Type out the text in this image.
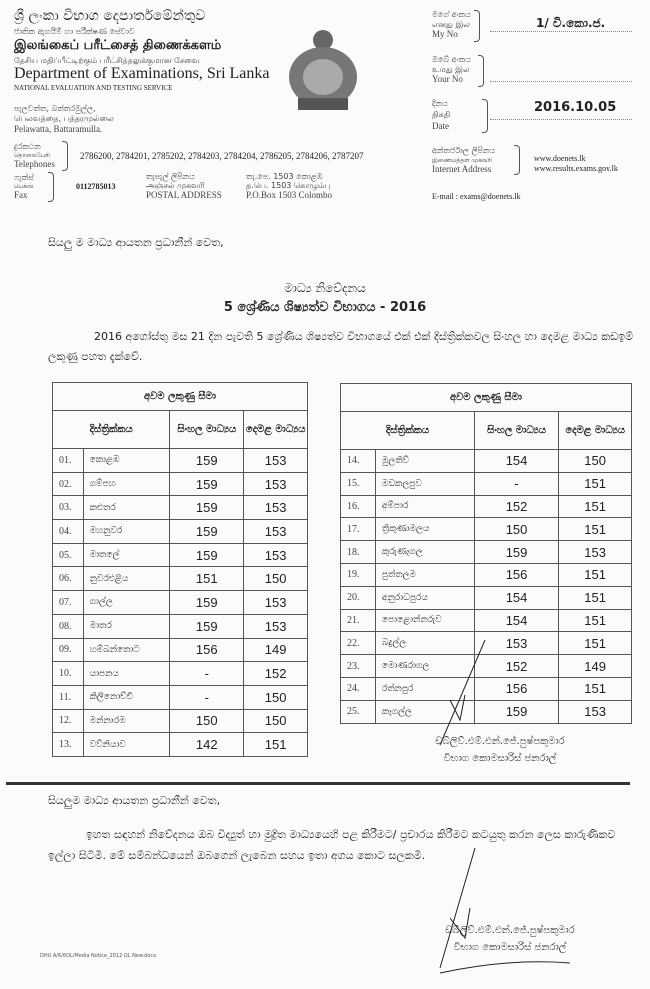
ශ්‍රී ලංකා විභාග දෙපාර්තමේන්තුව
ජාතික ඇගයීම් හා පරීක්ෂණ සේවාව
இலங்கைப் பரீட்சைத் திணைக்களம்
தேசிய மதிப்பீட்டிற்கும் பரீட்சித்தலுக்குமான சேவை
Department of Examinations, Sri Lanka
NATIONAL EVALUATION AND TESTING SERVICE
පැලවත්ත, බත්තරමුල්ල,
பெலவத்தை, பத்தரமுல்லை
Pelawatta, Battaramulla.
දුරකථන
தொலைபேசி
Telephones
2786200, 2784201, 2785202, 2784203, 2784204, 2786205, 2784206, 2787207
ෆැක්ස්
பெக்ஸ்
Fax
0112785013
තැපැල් ලිපිනය
அஞ்சல் முகவரி
POSTAL ADDRESS
තැ.පෙ. 1503 කොළඹ
த.பெ. 1503 கொழும்பு
P.O.Box 1503 Colombo
මගේ අංකය
எனது இல
My No
1/ වි.කො.ජ.
ඔබේ අංකය
உமது இல
Your No
දිනය
திகதி
Date
2016.10.05
අන්තර්ජාල ලිපිනය
இணையத்தள முகவரி
Internet Address
www.doenets.lk
www.results.exams.gov.lk
E-mail : exams@doenets.lk
සියලු ම මාධ්‍ය ආයතන ප්‍රධානීන් වෙත,
මාධ්‍ය නිවේදනය
5 ශ්‍රේණිය ශිෂ්‍යත්ව විභාගය - 2016
2016 අගෝස්තු මස 21 දින පැවති 5 ශ්‍රේණිය ශිෂ්‍යත්ව විභාගයේ එක් එක් දිස්ත්‍රික්කවල සිංහල හා දෙමළ මාධ්‍ය කඩඉම් ලකුණු පහත දැක්වේ.
අවම ලකුණු සීමා			
දිස්ත්‍රික්කය		සිංහල මාධ්‍යය	දෙමළ මාධ්‍යය
01.	කොළඹ	159	153
02.	ගම්පහ	159	153
03.	කළුතර	159	153
04.	මහනුවර	159	153
05.	මාතලේ	159	153
06.	නුවරඑළිය	151	150
07.	ගාල්ල	159	153
08.	මාතර	159	153
09.	හම්බන්තොට	156	149
10.	යාපනය	-	152
11.	කිලිනොච්චි	-	150
12.	මන්නාරම	150	150
13.	වව්නියාව	142	151
අවම ලකුණු සීමා			
දිස්ත්‍රික්කය		සිංහල මාධ්‍යය	දෙමළ මාධ්‍යය
14.	මුලතිව්	154	150
15.	මඩකලපුව	-	151
16.	අම්පාර	152	151
17.	ත්‍රිකුණාමලය	150	151
18.	කුරුණෑගල	159	153
19.	පුත්තලම	156	151
20.	අනුරාධපුරය	154	151
21.	පොළොන්නරුව	154	151
22.	බදුල්ල	153	151
23.	මොණරාගල	152	149
24.	රත්නපුර	156	151
25.	කෑගල්ල	159	153
ඩබ්ලිව්.එම්.එන්.ජේ.පුෂ්පකුමාර
විභාග කොමසාරිස් ජනරාල්
සියලුම මාධ්‍ය ආයතන ප්‍රධානීන් වෙත,
ඉහත සඳහන් නිවේදනය ඔබ විද්‍යුත් හා මුද්‍රිත මාධ්‍යයෙහි පළ කිරීමට/ ප්‍රචාරය කිරීමට කටයුතු කරන ලෙස කාරුණිකව ඉල්ලා සිටිමි. මේ සම්බන්ධයෙන් ඔබගෙන් ලැබෙන සහය ඉතා අගය කොට සලකමි.
ඩබ්ලිව්.එම්.එන්.ජේ.පුෂ්පකුමාර
විභාග කොමසාරිස් ජනරාල්
DHU A/6/6OL/Media Notice_2012 OL New.docx
